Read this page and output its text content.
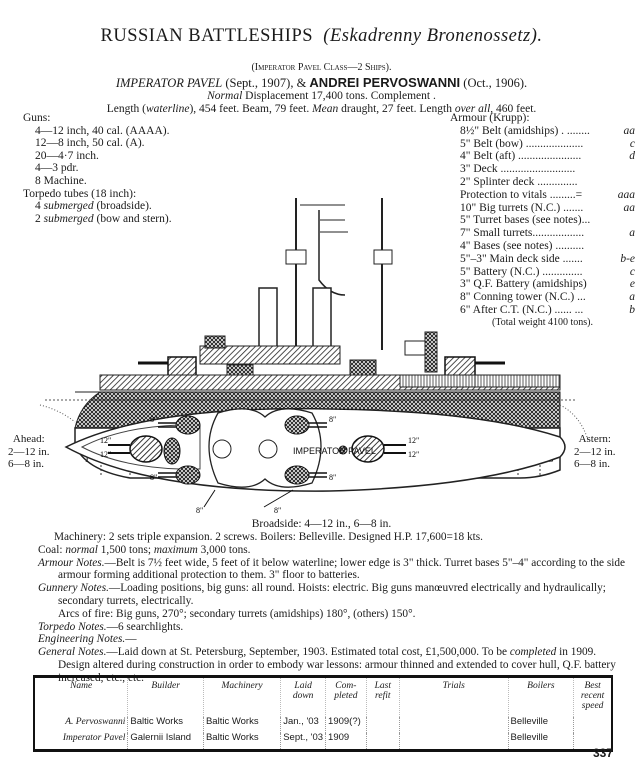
RUSSIAN BATTLESHIPS (Eskadrenny Bronenossetz).
(Imperator Pavel Class—2 Ships).
IMPERATOR PAVEL (Sept., 1907), & ANDREI PERVOSWANNI (Oct., 1906).
Normal Displacement 17,400 tons. Complement .
Length (waterline), 454 feet. Beam, 79 feet. Mean draught, 27 feet. Length over all, 460 feet.
Guns:
4—12 inch, 40 cal. (AAAA).
12—8 inch, 50 cal. (A).
20—4·7 inch.
4—3 pdr.
8 Machine.
Torpedo tubes (18 inch):
4 submerged (broadside).
2 submerged (bow and stern).
Armour (Krupp):
8½" Belt (amidships) . ........	aa
5" Belt (bow) ....................	c
4" Belt (aft) ......................	d
3" Deck ..........................
2" Splinter deck ..............
Protection to vitals .........=	aaa
10" Big turrets (N.C.) .......	aa
5" Turret bases (see notes)...
7" Small turrets..................	a
4" Bases (see notes) ..........
5"–3" Main deck side .......	b-e
5" Battery (N.C.) ..............	c
3" Q.F. Battery (amidships)	e
8" Conning tower (N.C.) ...	a
6" After C.T. (N.C.) ...... ...	b
(Total weight 4100 tons).
1
IMPERATOR PAVEL
12"
12"
12"
12"
8"
8"
8"
8"
8"	8"
Ahead:
2—12 in.
6—8 in.
Astern:
2—12 in.
6—8 in.
Broadside: 4—12 in., 6—8 in.

Machinery: 2 sets triple expansion. 2 screws. Boilers: Belleville. Designed H.P. 17,600=18 kts.

Coal: normal 1,500 tons; maximum 3,000 tons.

Armour Notes.—Belt is 7½ feet wide, 5 feet of it below waterline; lower edge is 3" thick. Turret bases 5"–4" according to the side armour forming additional protection to them. 3" floor to batteries.

Gunnery Notes.—Loading positions, big guns: all round. Hoists: electric. Big guns manœuvred electrically and hydraulically; secondary turrets, electrically.

Arcs of fire: Big guns, 270°; secondary turrets (amidships) 180°, (others) 150°.

Torpedo Notes.—6 searchlights.

Engineering Notes.—

General Notes.—Laid down at St. Petersburg, September, 1903. Estimated total cost, £1,500,000. To be completed in 1909. Design altered during construction in order to embody war lessons: armour thinned and extended to cover hull, Q.F. battery increased, etc., etc.

Name	Builder	Machinery	Laid down	Com-pleted	Last refit	Trials	Boilers	Best recent speed
A. Pervoswanni	Baltic Works	Baltic Works	Jan., '03	1909(?)			Belleville	
Imperator Pavel	Galernii Island	Baltic Works	Sept., '03	1909			Belleville	
337
